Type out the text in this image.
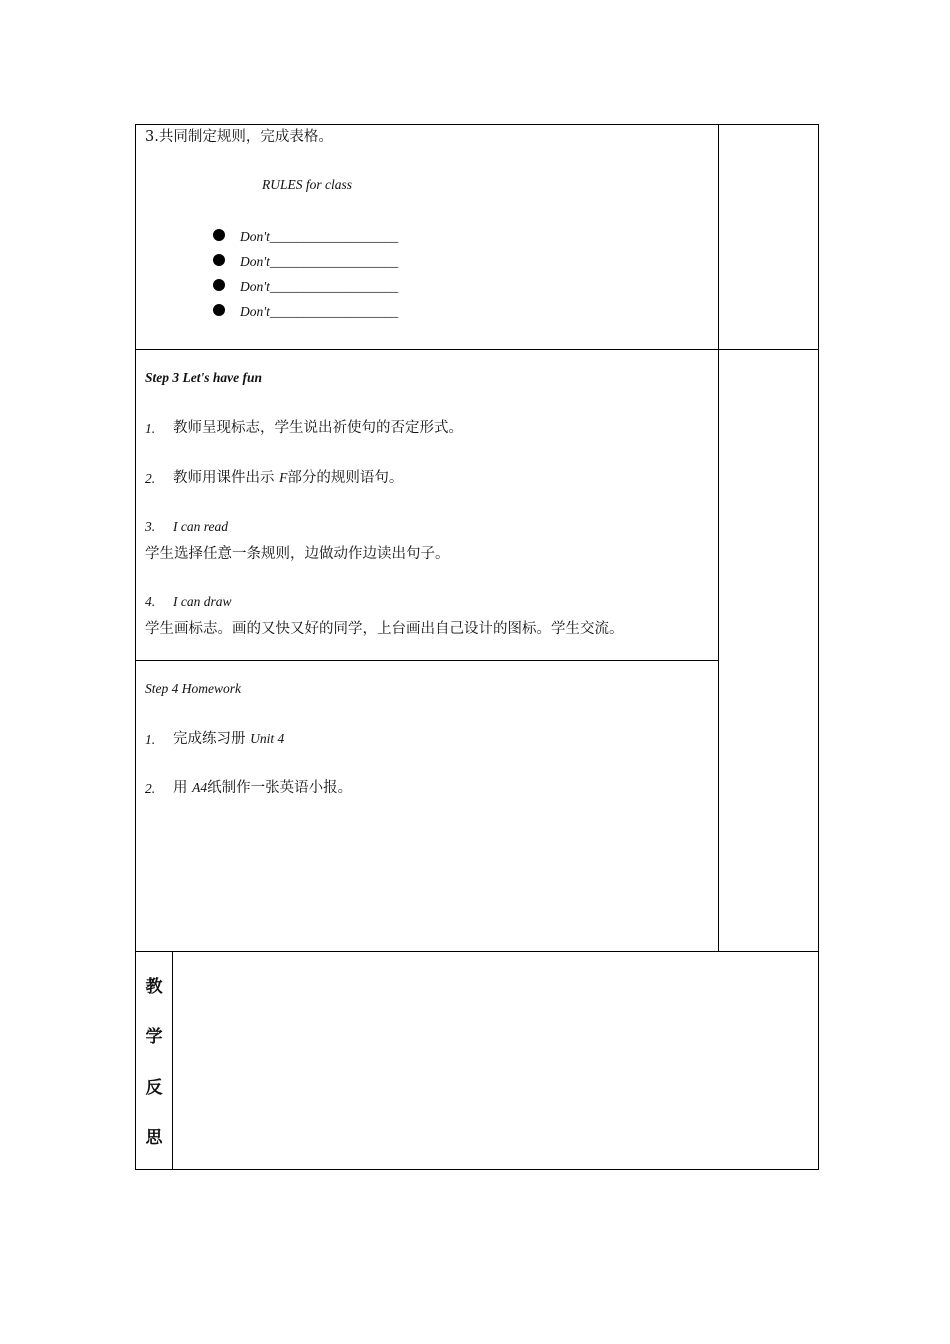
3.共同制定规则，完成表格。
RULES for class
Don't___________________
Don't___________________
Don't___________________
Don't___________________
Step 3 Let's have fun
1. 教师呈现标志，学生说出祈使句的否定形式。
2. 教师用课件出示 F部分的规则语句。
3. I can read
学生选择任意一条规则，边做动作边读出句子。
4. I can draw
学生画标志。画的又快又好的同学，上台画出自己设计的图标。学生交流。
Step 4 Homework
1. 完成练习册 Unit 4
2. 用 A4纸制作一张英语小报。
教
学
反
思
